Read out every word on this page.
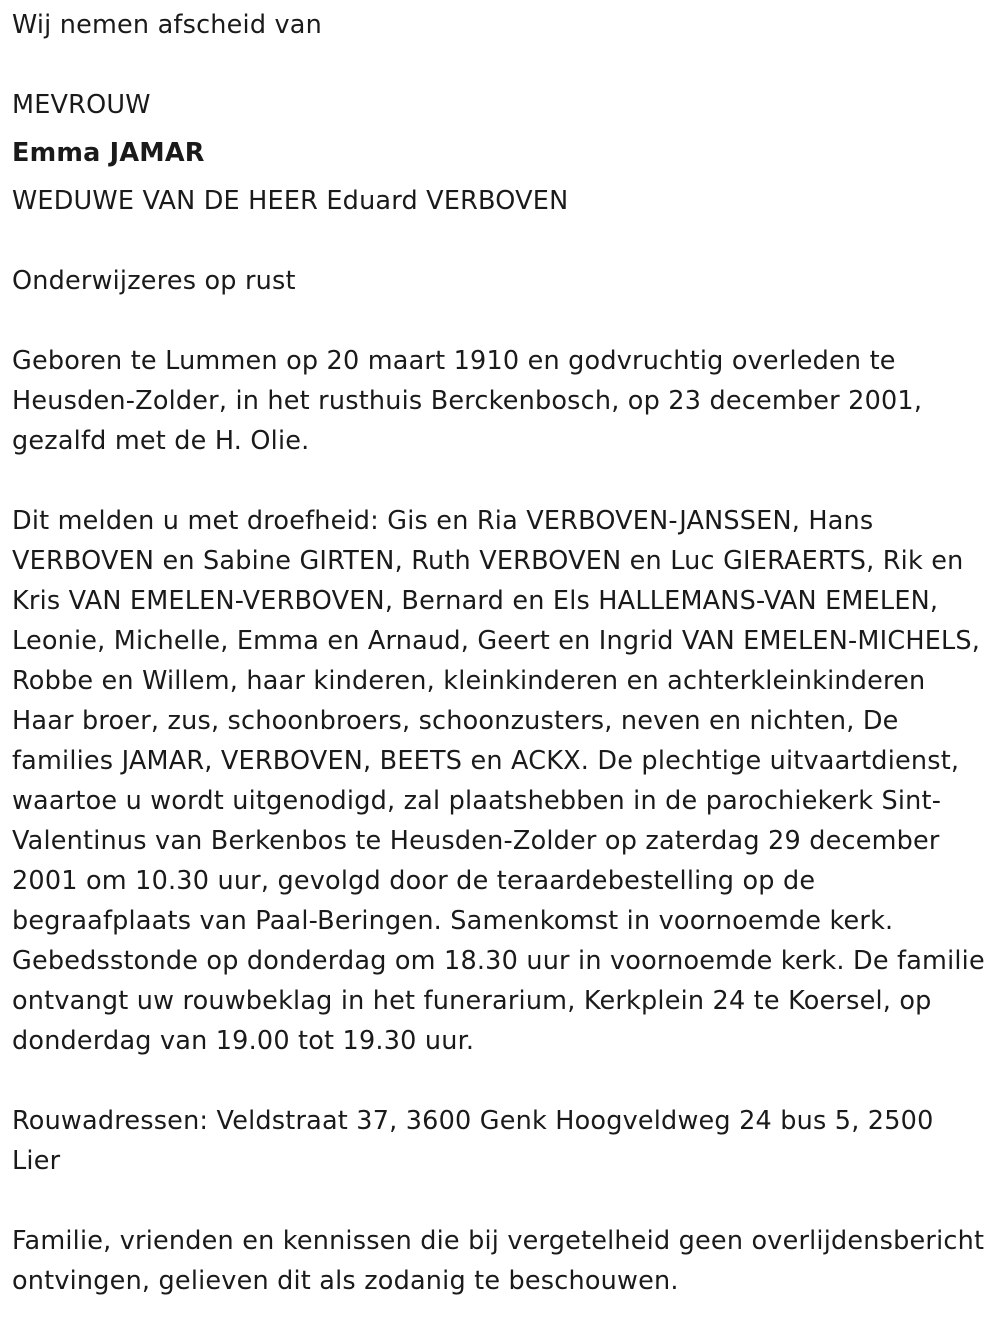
Wij nemen afscheid van

MEVROUW

Emma JAMAR

WEDUWE VAN DE HEER Eduard VERBOVEN

Onderwijzeres op rust

Geboren te Lummen op 20 maart 1910 en godvruchtig overleden te Heusden-Zolder, in het rusthuis Berckenbosch, op 23 december 2001, gezalfd met de H. Olie.

Dit melden u met droefheid: Gis en Ria VERBOVEN-JANSSEN, Hans VERBOVEN en Sabine GIRTEN, Ruth VERBOVEN en Luc GIERAERTS, Rik en Kris VAN EMELEN-VERBOVEN, Bernard en Els HALLEMANS-VAN EMELEN, Leonie, Michelle, Emma en Arnaud, Geert en Ingrid VAN EMELEN-MICHELS, Robbe en Willem, haar kinderen, kleinkinderen en achterkleinkinderen Haar broer, zus, schoonbroers, schoonzusters, neven en nichten, De families JAMAR, VERBOVEN, BEETS en ACKX. De plechtige uitvaartdienst, waartoe u wordt uitgenodigd, zal plaatshebben in de parochiekerk Sint-Valentinus van Berkenbos te Heusden-Zolder op zaterdag 29 december 2001 om 10.30 uur, gevolgd door de teraardebestelling op de begraafplaats van Paal-Beringen. Samenkomst in voornoemde kerk. Gebedsstonde op donderdag om 18.30 uur in voornoemde kerk. De familie ontvangt uw rouwbeklag in het funerarium, Kerkplein 24 te Koersel, op donderdag van 19.00 tot 19.30 uur.

Rouwadressen: Veldstraat 37, 3600 Genk Hoogveldweg 24 bus 5, 2500 Lier

Familie, vrienden en kennissen die bij vergetelheid geen overlijdensbericht ontvingen, gelieven dit als zodanig te beschouwen.
